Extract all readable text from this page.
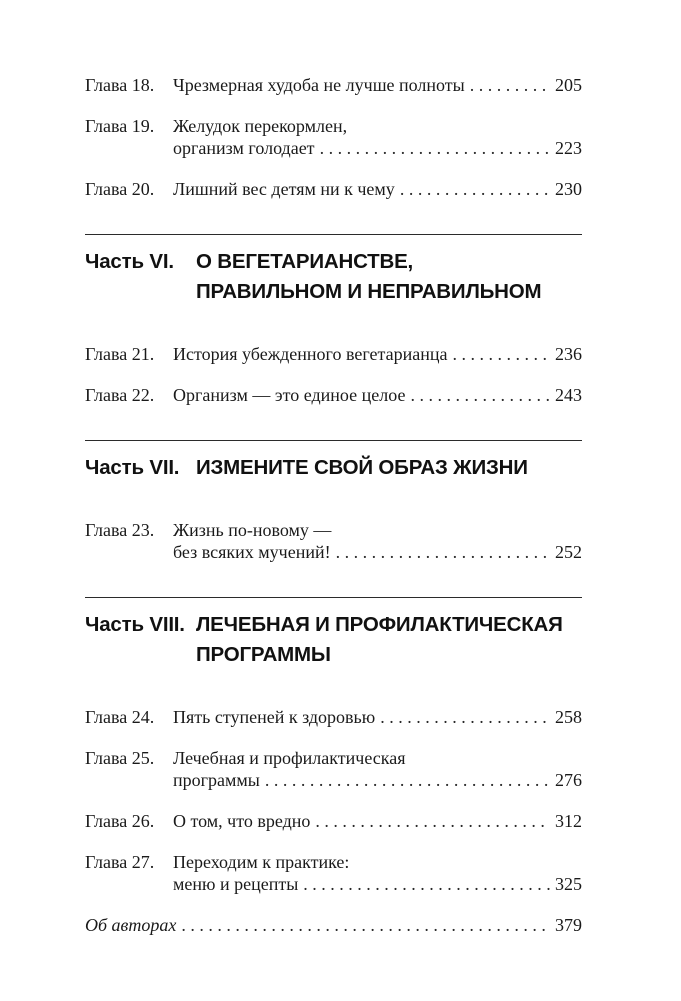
Глава 18.	Чрезмерная худоба не лучше полноты .....	205
Глава 19.	Желудок перекормлен,
организм голодает .....	223
Глава 20.	Лишний вес детям ни к чему .....	230
Часть VI.	О ВЕГЕТАРИАНСТВЕ,
ПРАВИЛЬНОМ И НЕПРАВИЛЬНОМ
Глава 21.	История убежденного вегетарианца .....	236
Глава 22.	Организм — это единое целое .....	243
Часть VII. ИЗМЕНИТЕ СВОЙ ОБРАЗ ЖИЗНИ
Глава 23.	Жизнь по-новому —
без всяких мучений! .....	252
Часть VIII. ЛЕЧЕБНАЯ И ПРОФИЛАКТИЧЕСКАЯ
ПРОГРАММЫ
Глава 24.	Пять ступеней к здоровью .....	258
Глава 25.	Лечебная и профилактическая
программы .....	276
Глава 26.	О том, что вредно .....	312
Глава 27.	Переходим к практике:
меню и рецепты .....	325
Об авторах .....	379
